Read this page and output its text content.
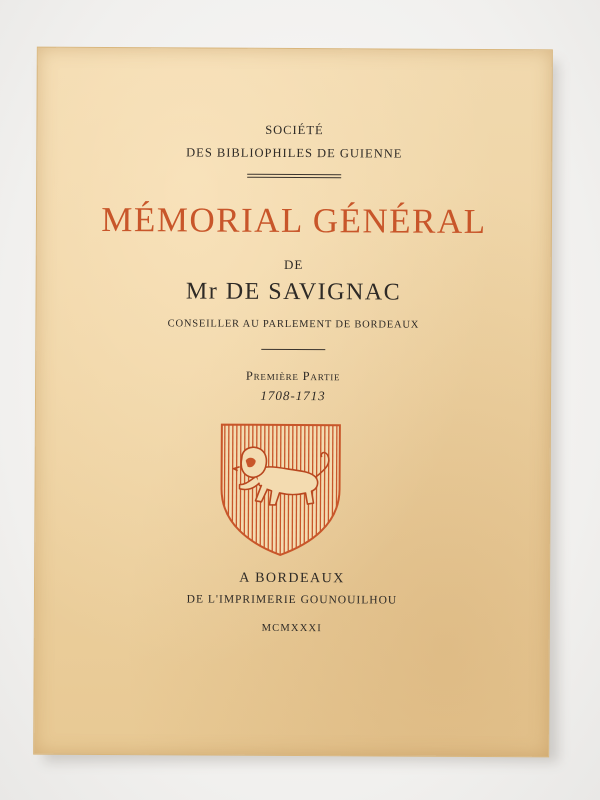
SOCIÉTÉ
DES BIBLIOPHILES DE GUIENNE
MÉMORIAL GÉNÉRAL
DE
Mr DE SAVIGNAC
CONSEILLER AU PARLEMENT DE BORDEAUX
Première Partie
1708-1713
A BORDEAUX
DE L'IMPRIMERIE GOUNOUILHOU
MCMXXXI
